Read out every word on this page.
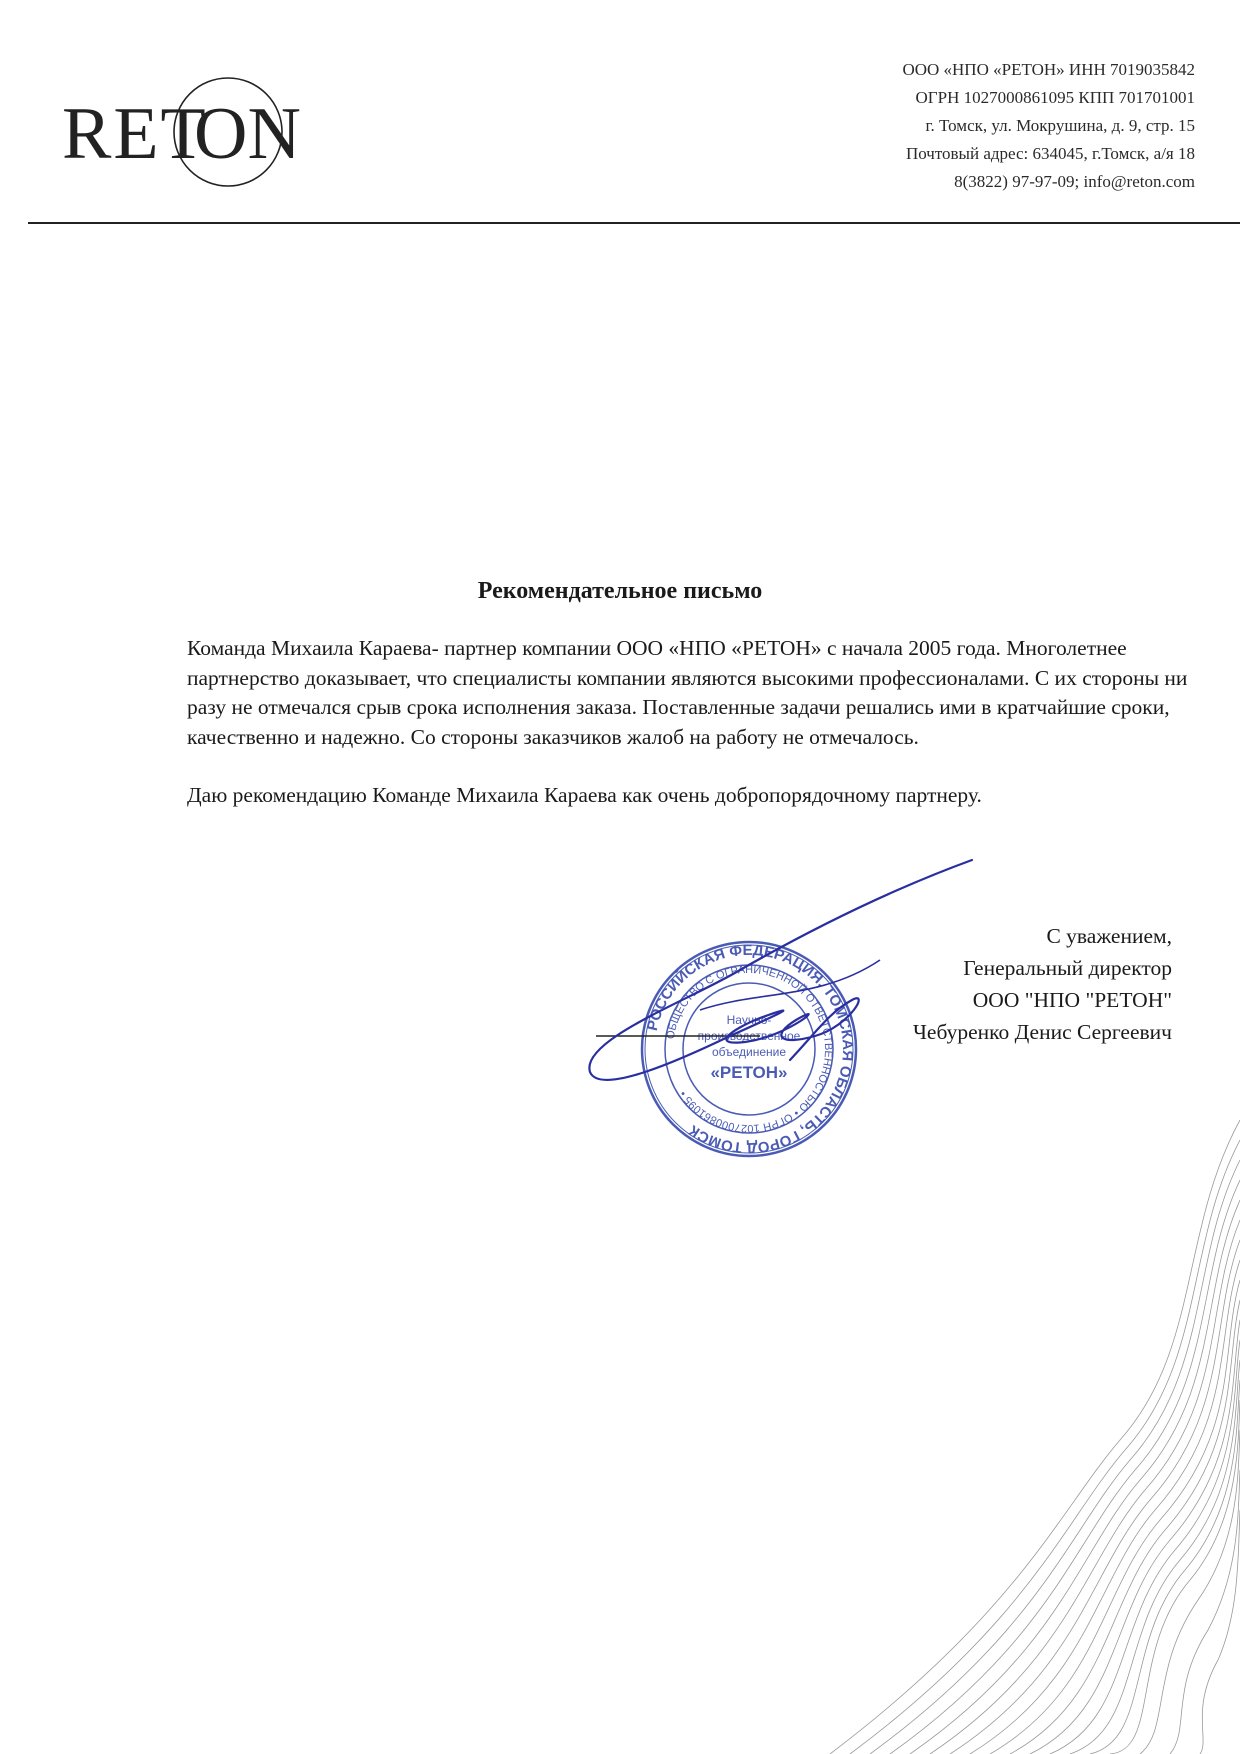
RET
ON
ООО «НПО «РЕТОН» ИНН 7019035842
ОГРН 1027000861095 КПП 701701001
г. Томск, ул. Мокрушина, д. 9, стр. 15
Почтовый адрес: 634045, г.Томск, а/я 18
8(3822) 97-97-09; info@reton.com
Рекомендательное письмо

Команда Михаила Караева- партнер компании ООО «НПО «РЕТОН» с начала 2005 года. Многолетнее партнерство доказывает, что специалисты компании являются высокими профессионалами. С их стороны ни разу не отмечался срыв срока исполнения заказа. Поставленные задачи решались ими в кратчайшие сроки, качественно и надежно. Со стороны заказчиков жалоб на работу не отмечалось.

Даю рекомендацию Команде Михаила Караева как очень добропорядочному партнеру.

РОССИЙСКАЯ ФЕДЕРАЦИЯ, ТОМСКАЯ ОБЛАСТЬ, ГОРОД ТОМСК
ОБЩЕСТВО С ОГРАНИЧЕННОЙ ОТВЕТСТВЕННОСТЬЮ • ОГРН 1027000861095 •
Научно-
производственное
объединение
«РЕТОН»
С уважением,
Генеральный директор
ООО "НПО "РЕТОН"
Чебуренко Денис Сергеевич
